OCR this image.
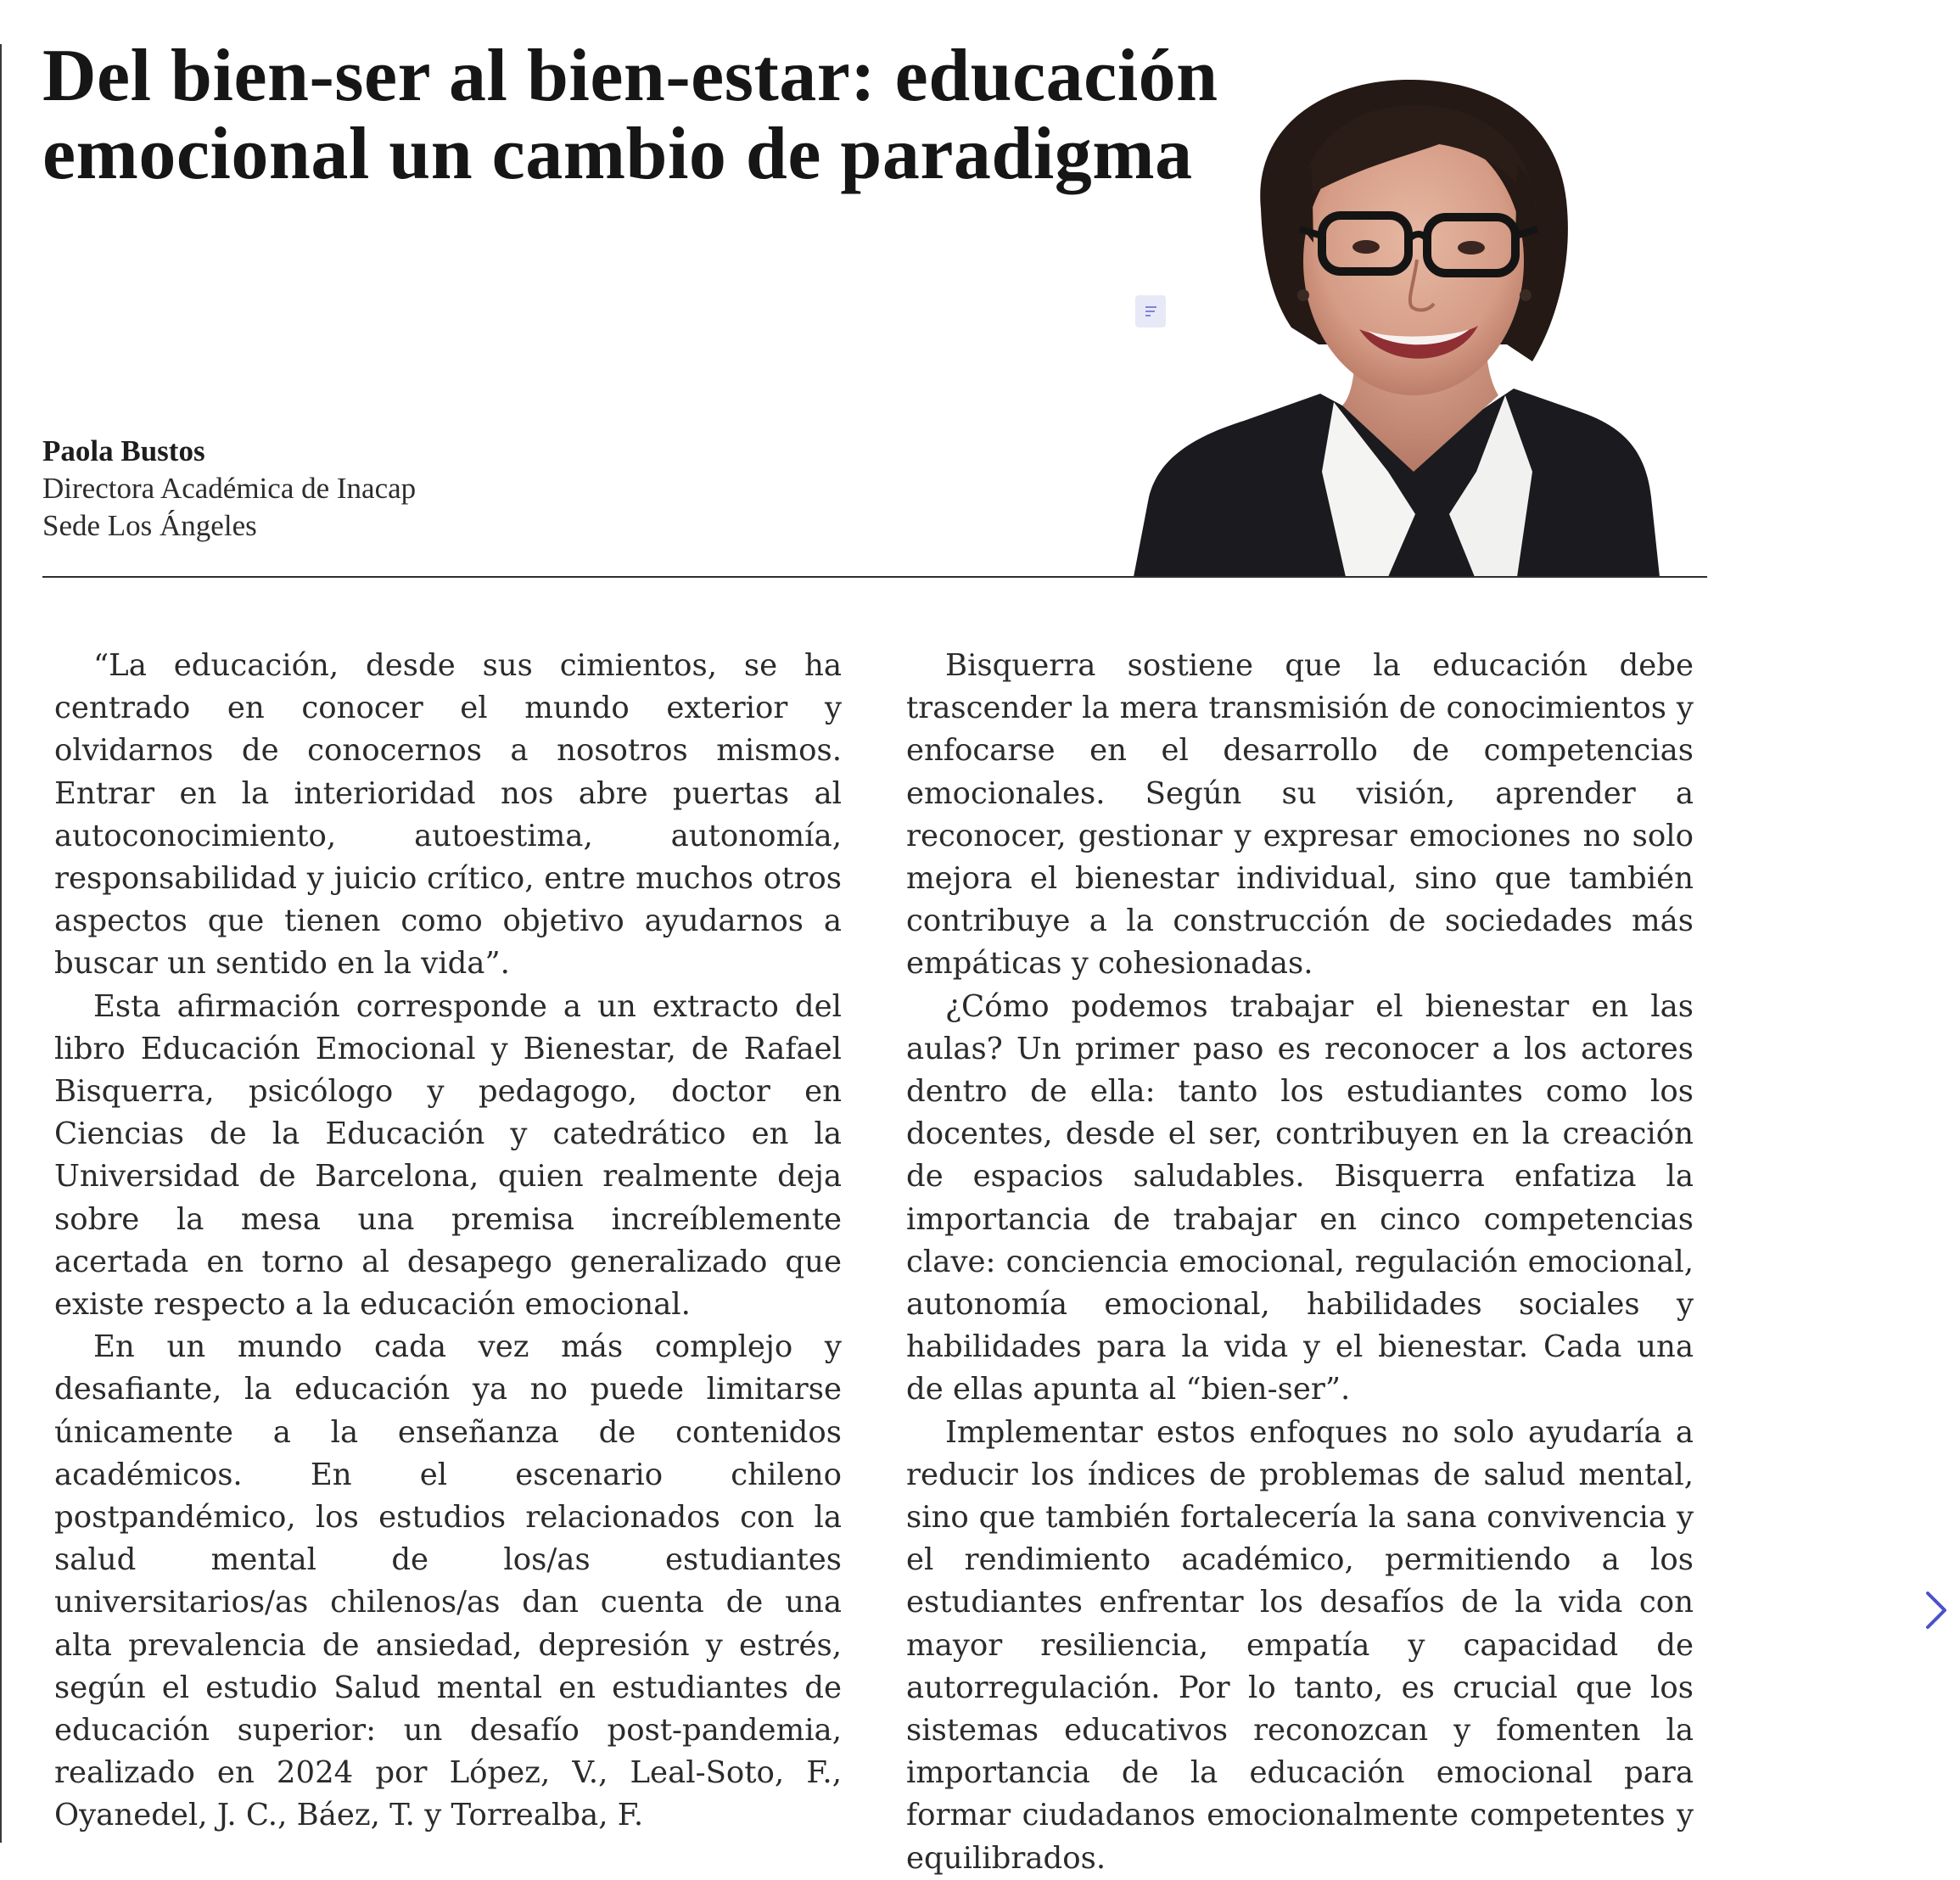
Del bien-ser al bien-estar: educación emocional un cambio de paradigma
Paola Bustos
Directora Académica de Inacap
Sede Los Ángeles

“La educación, desde sus cimientos, se ha centrado en conocer el mundo exterior y olvidarnos de conocernos a nosotros mismos. Entrar en la interioridad nos abre puertas al autoconocimiento, autoestima, autonomía, responsabilidad y juicio crítico, entre muchos otros aspectos que tienen como objetivo ayudarnos a buscar un sentido en la vida”.

Esta afirmación corresponde a un extracto del libro Educación Emocional y Bienestar, de Rafael Bisquerra, psicólogo y pedagogo, doctor en Ciencias de la Educación y catedrático en la Universidad de Barcelona, quien realmente deja sobre la mesa una premisa increíblemente acertada en torno al desapego generalizado que existe respecto a la educación emocional.

En un mundo cada vez más complejo y desafiante, la educación ya no puede limitarse únicamente a la enseñanza de contenidos académicos. En el escenario chileno postpandémico, los estudios relacionados con la salud mental de los/as estudiantes universitarios/as chilenos/as dan cuenta de una alta prevalencia de ansiedad, depresión y estrés, según el estudio Salud mental en estudiantes de educación superior: un desafío post-pandemia, realizado en 2024 por López, V., Leal-Soto, F., Oyanedel, J. C., Báez, T. y Torrealba, F.

Bisquerra sostiene que la educación debe trascender la mera transmisión de conocimientos y enfocarse en el desarrollo de competencias emocionales. Según su visión, aprender a reconocer, gestionar y expresar emociones no solo mejora el bienestar individual, sino que también contribuye a la construcción de sociedades más empáticas y cohesionadas.

¿Cómo podemos trabajar el bienestar en las aulas? Un primer paso es reconocer a los actores dentro de ella: tanto los estudiantes como los docentes, desde el ser, contribuyen en la creación de espacios saludables. Bisquerra enfatiza la importancia de trabajar en cinco competencias clave: conciencia emocional, regulación emocional, autonomía emocional, habilidades sociales y habilidades para la vida y el bienestar. Cada una de ellas apunta al “bien-ser”.

Implementar estos enfoques no solo ayudaría a reducir los índices de problemas de salud mental, sino que también fortalecería la sana convivencia y el rendimiento académico, permitiendo a los estudiantes enfrentar los desafíos de la vida con mayor resiliencia, empatía y capacidad de autorregulación. Por lo tanto, es crucial que los sistemas educativos reconozcan y fomenten la importancia de la educación emocional para formar ciudadanos emocionalmente competentes y equilibrados.
